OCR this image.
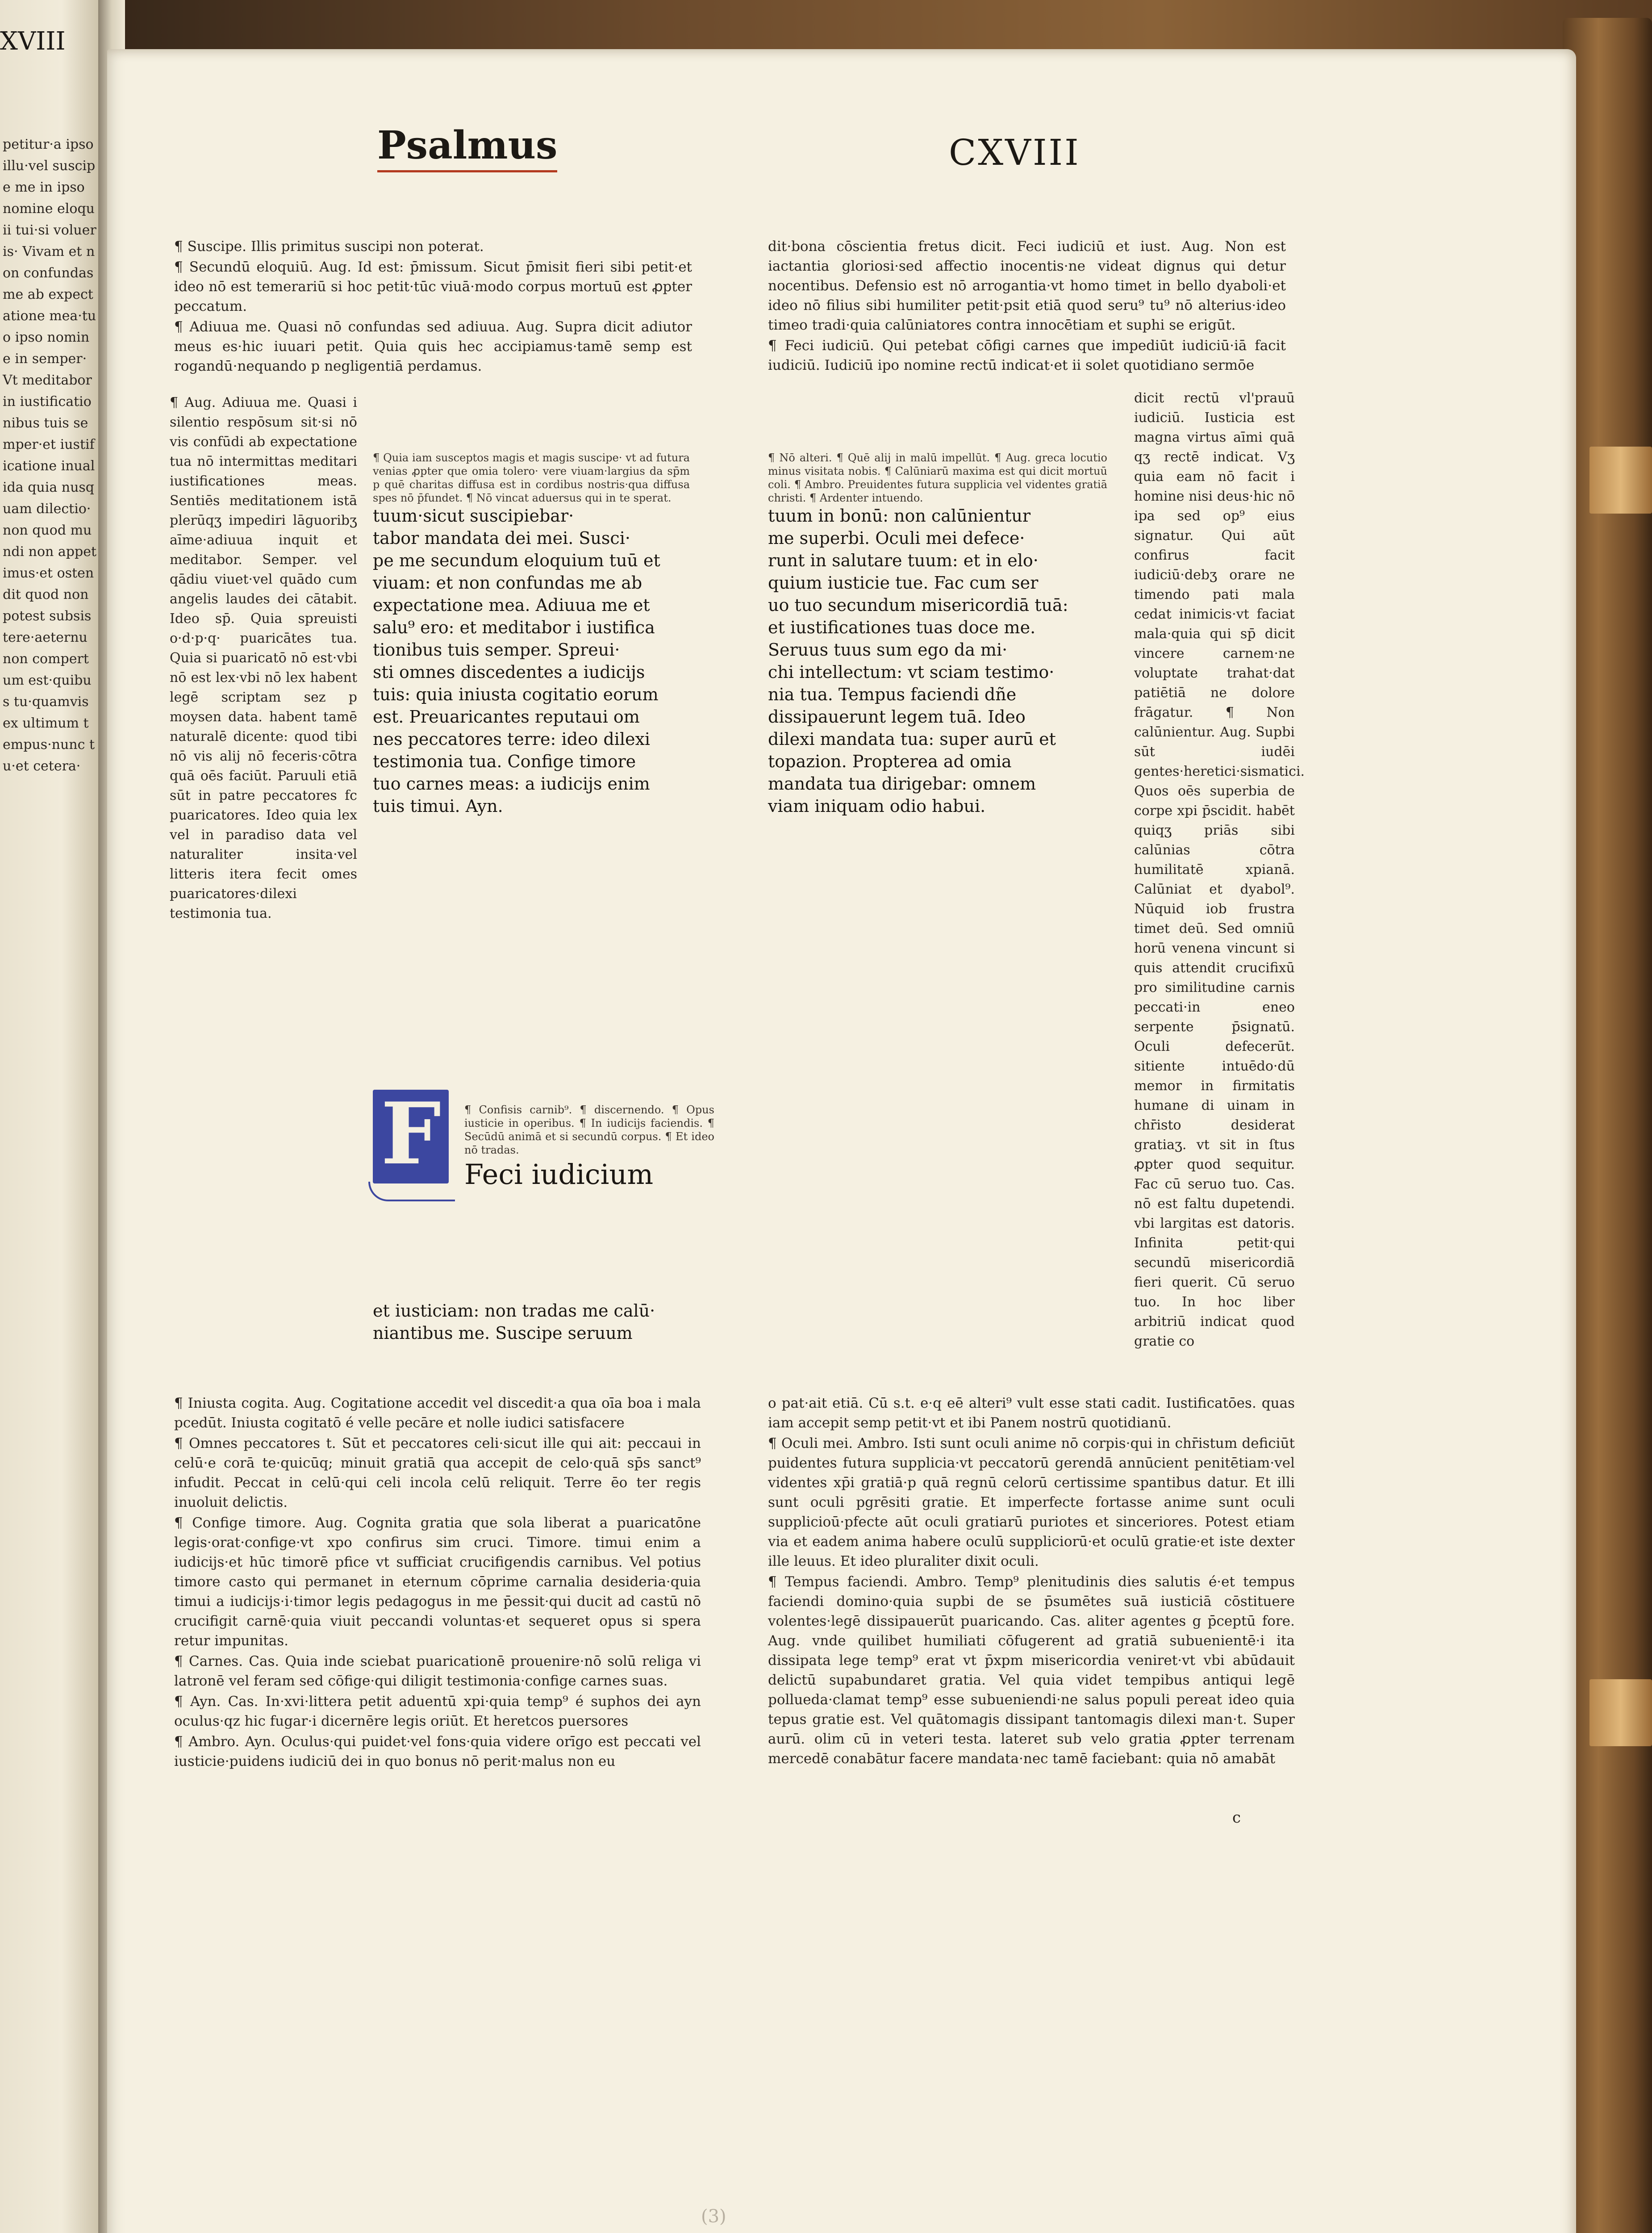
XVIII
petitur·a ipso illu·vel suscipe me in ipso nomine eloquii tui·si volueris· Vivam et non confundas me ab expectatione mea·tuo ipso nomine in semper· Vt meditabor in iustificationibus tuis semper·et iustificatione inualida quia nusquam dilectio·non quod mundi non appetimus·et ostendit quod non potest subsistere·aeternu non compertum est·quibus tu·quamvis ex ultimum tempus·nunc tu·et cetera·
Psalmus	CXVIII

¶ Suscipe. Illis primitus suscipi non poterat.

¶ Secundū eloquiū. Aug. Id est: p̄missum. Sicut p̄misit fieri sibi petit·et ideo nō est temerariū si hoc petit·tūc viuā·modo corpus mortuū est ꝓpter peccatum.

¶ Adiuua me. Quasi nō confundas sed adiuua. Aug. Supra dicit adiutor meus es·hic iuuari petit. Quia quis hec accipiamus·tamē semp est rogandū·nequando p negligentiā perdamus.

¶ Aug. Adiuua me. Quasi i silentio respōsum sit·si nō vis confūdi ab expectatione tua nō intermittas meditari iustificationes meas. Sentiēs meditationem istā plerūqʒ impediri lāguoribʒ aīme·adiuua inquit et meditabor. Semper. vel qādiu viuet·vel quādo cum angelis laudes dei cātabit. Ideo sp̄. Quia spreuisti o·d·p·q· puaricātes tua. Quia si puaricatō nō est·vbi nō est lex·vbi nō lex habent legē scriptam sez p moysen data. habent tamē naturalē dicente: quod tibi nō vis alij nō feceris·cōtra quā oēs faciūt. Paruuli etiā sūt in patre peccatores fc puaricatores. Ideo quia lex vel in paradiso data vel naturaliter insita·vel litteris itera fecit omes puaricatores·dilexi testimonia tua.
¶ Quia iam susceptos magis et magis suscipe· vt ad futura venias ꝓpter que omia tolero· vere viuam·largius da sp̄m p quē charitas diffusa est in cordibus nostris·qua diffusa spes nō p̄fundet. ¶ Nō vincat aduersus qui in te sperat.
tuum·sicut suscipiebar·
tabor mandata dei mei. Susci·
pe me secundum eloquium tuū et
viuam: et non confundas me ab
expectatione mea. Adiuua me et
salu⁹ ero: et meditabor i iustifica
tionibus tuis semper. Spreui·
sti omnes discedentes a iudicijs
tuis: quia iniusta cogitatio eorum
est. Preuaricantes reputaui om
nes peccatores terre: ideo dilexi
testimonia tua. Confige timore
tuo carnes meas: a iudicijs enim
tuis timui. Ayn.
F ¶ Confisis carnib⁹. ¶ discernendo. ¶ Opus iusticie in operibus. ¶ In iudicijs faciendis. ¶ Secūdū animā et si secundū corpus. ¶ Et ideo nō tradas.
Feci iudicium
et iusticiam: non tradas me calū·
niantibus me. Suscipe seruum

dit·bona cōscientia fretus dicit. Feci iudiciū et iust. Aug. Non est iactantia gloriosi·sed affectio inocentis·ne videat dignus qui detur nocentibus. Defensio est nō arrogantia·vt homo timet in bello dyaboli·et ideo nō filius sibi humiliter petit·psit etiā quod seru⁹ tu⁹ nō alterius·ideo timeo tradi·quia calūniatores contra innocētiam et suphi se erigūt.

¶ Feci iudiciū. Qui petebat cōfigi carnes que impediūt iudiciū·iā facit iudiciū. Iudiciū ipo nomine rectū indicat·et ii solet quotidiano sermōe

¶ Nō alteri. ¶ Quē alij in malū impellūt. ¶ Aug. greca locutio minus visitata nobis. ¶ Calūniarū maxima est qui dicit mortuū coli. ¶ Ambro. Preuidentes futura supplicia vel videntes gratiā christi. ¶ Ardenter intuendo.
tuum in bonū: non calūnientur
me superbi. Oculi mei defece·
runt in salutare tuum: et in elo·
quium iusticie tue. Fac cum ser
uo tuo secundum misericordiā tuā:
et iustificationes tuas doce me.
Seruus tuus sum ego da mi·
chi intellectum: vt sciam testimo·
nia tua. Tempus faciendi dñe
dissipauerunt legem tuā. Ideo
dilexi mandata tua: super aurū et
topazion. Propterea ad omia
mandata tua dirigebar: omnem
viam iniquam odio habui.
dicit rectū vl'prauū iudiciū. Iusticia est magna virtus aīmi quā qʒ rectē indicat. Vʒ quia eam nō facit i homine nisi deus·hic nō ipa sed op⁹ eius signatur. Qui aūt confirus facit iudiciū·debʒ orare ne timendo pati mala cedat inimicis·vt faciat mala·quia qui sp̄ dicit vincere carnem·ne voluptate trahat·dat patiētiā ne dolore frāgatur. ¶ Non calūnientur. Aug. Supbi sūt iudēi gentes·heretici·sismatici. Quos oēs superbia de corpe xpi p̄scidit. habēt quiqʒ priās sibi calūnias cōtra humilitatē xpianā. Calūniat et dyabol⁹. Nūquid iob frustra timet deū. Sed omniū horū venena vincunt si quis attendit crucifixū pro similitudine carnis peccati·in eneo serpente p̄signatū. Oculi defecerūt. sitiente intuēdo·dū memor in firmitatis humane di uinam in chr̄isto desiderat gratiaʒ. vt sit in ſtus ꝓpter quod sequitur. Fac cū seruo tuo. Cas. nō est faltu dupetendi. vbi largitas est datoris. Infinita petit·qui secundū misericordiā fieri querit. Cū seruo tuo. In hoc liber arbitriū indicat quod gratie co

¶ Iniusta cogita. Aug. Cogitatione accedit vel discedit·a qua oīa boa i mala pcedūt. Iniusta cogitatō é velle pecāre et nolle iudici satisfacere

¶ Omnes peccatores t. Sūt et peccatores celi·sicut ille qui ait: peccaui in celū·e corā te·quicūq; minuit gratiā qua accepit de celo·quā sp̄s sanct⁹ infudit. Peccat in celū·qui celi incola celū reliquit. Terre ēo ter regis inuoluit delictis.

¶ Confige timore. Aug. Cognita gratia que sola liberat a puaricatōne legis·orat·confige·vt xpo confirus sim cruci. Timore. timui enim a iudicijs·et hūc timorē pfice vt sufficiat crucifigendis carnibus. Vel potius timore casto qui permanet in eternum cōprime carnalia desideria·quia timui a iudicijs·i·timor legis pedagogus in me p̄essit·qui ducit ad castū nō crucifigit carnē·quia viuit peccandi voluntas·et sequeret opus si spera retur impunitas.

¶ Carnes. Cas. Quia inde sciebat puaricationē prouenire·nō solū religa vi latronē vel feram sed cōfige·qui diligit testimonia·confige carnes suas.

¶ Ayn. Cas. In·xvi·littera petit aduentū xpi·quia temp⁹ é suphos dei ayn oculus·qz hic fugar·i dicernēre legis oriūt. Et heretcos puersores

¶ Ambro. Ayn. Oculus·qui puidet·vel fons·quia videre orīgo est peccati vel iusticie·puidens iudiciū dei in quo bonus nō perit·malus non eu

o pat·ait etiā. Cū s.t. e·q eē alteri⁹ vult esse stati cadit. Iustificatōes. quas iam accepit semp petit·vt et ibi Panem nostrū quotidianū.

¶ Oculi mei. Ambro. Isti sunt oculi anime nō corpis·qui in chr̄istum deficiūt puidentes futura supplicia·vt peccatorū gerendā annūcient penitētiam·vel videntes xp̄i gratiā·p quā regnū celorū certissime spantibus datur. Et illi sunt oculi pgrēsiti gratie. Et imperfecte fortasse anime sunt oculi supplicioū·pfecte aūt oculi gratiarū puriotes et sinceriores. Potest etiam via et eadem anima habere oculū suppliciorū·et oculū gratie·et iste dexter ille leuus. Et ideo pluraliter dixit oculi.

¶ Tempus faciendi. Ambro. Temp⁹ plenitudinis dies salutis é·et tempus faciendi domino·quia supbi de se p̄sumētes suā iusticiā cōstituere volentes·legē dissipauerūt puaricando. Cas. aliter agentes g p̄ceptū fore. Aug. vnde quilibet humiliati cōfugerent ad gratiā subuenientē·i ita dissipata lege temp⁹ erat vt p̄xpm misericordia veniret·vt vbi abūdauit delictū supabundaret gratia. Vel quia videt tempibus antiqui legē pollueda·clamat temp⁹ esse subueniendi·ne salus populi pereat ideo quia tepus gratie est. Vel quātomagis dissipant tantomagis dilexi man·t. Super aurū. olim cū in veteri testa. lateret sub velo gratia ꝓpter terrenam mercedē conabātur facere mandata·nec tamē faciebant: quia nō amabāt

c
(3)
